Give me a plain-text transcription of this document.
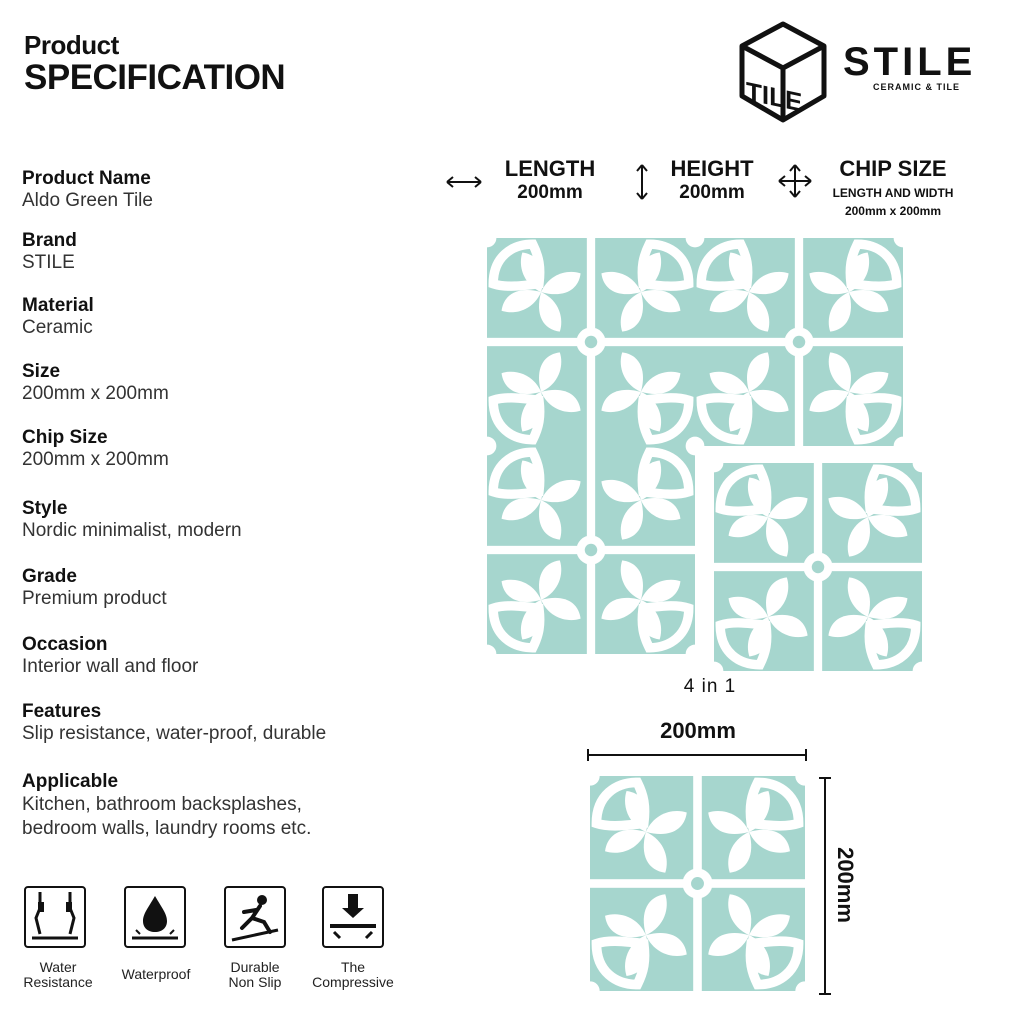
Product
SPECIFICATION	TILE
STILE
CERAMIC & TILE
Product Name
Aldo Green Tile
Brand
STILE
Material
Ceramic
Size
200mm x 200mm
Chip Size
200mm x 200mm
Style
Nordic minimalist, modern
Grade
Premium product
Occasion
Interior wall and floor
Features
Slip resistance, water-proof, durable
Applicable
Kitchen, bathroom backsplashes,
bedroom walls, laundry rooms etc.
LENGTH
200mm
HEIGHT
200mm
CHIP SIZE
LENGTH AND WIDTH
200mm x 200mm
4 in 1
200mm
200mm
Water
Resistance	Waterproof	Durable
Non Slip
The
Compressive
